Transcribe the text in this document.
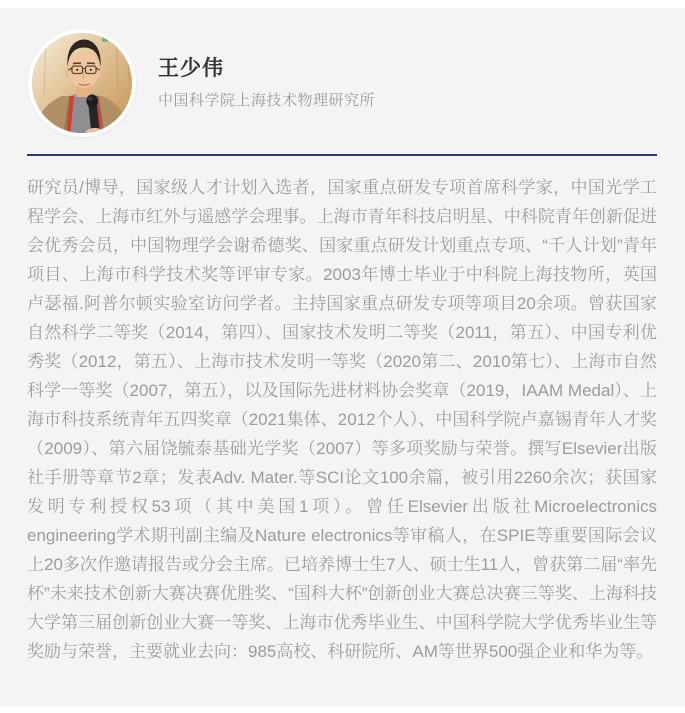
王少伟

中国科学院上海技术物理研究所

研究员/博导，国家级人才计划入选者，国家重点研发专项首席科学家，中国光学工程学会、上海市红外与遥感学会理事。上海市青年科技启明星、中科院青年创新促进会优秀会员，中国物理学会谢希德奖、国家重点研发计划重点专项、“千人计划”青年项目、上海市科学技术奖等评审专家。2003年博士毕业于中科院上海技物所，英国卢瑟福.阿普尔顿实验室访问学者。主持国家重点研发专项等项目20余项。曾获国家自然科学二等奖（2014，第四）、国家技术发明二等奖（2011，第五）、中国专利优秀奖（2012，第五）、上海市技术发明一等奖（2020第二、2010第七）、上海市自然科学一等奖（2007，第五），以及国际先进材料协会奖章（2019，IAAM Medal）、上海市科技系统青年五四奖章（2021集体、2012个人）、中国科学院卢嘉锡青年人才奖（2009）、第六届饶毓泰基础光学奖（2007）等多项奖励与荣誉。撰写Elsevier出版社手册等章节2章；发表Adv. Mater.等SCI论文100余篇，被引用2260余次；获国家发明专利授权53项（其中美国1项）。曾任Elsevier出版社Microelectronics engineering学术期刊副主编及Nature electronics等审稿人，在SPIE等重要国际会议上20多次作邀请报告或分会主席。已培养博士生7人、硕士生11人，曾获第二届“率先杯”未来技术创新大赛决赛优胜奖、“国科大杯”创新创业大赛总决赛三等奖、上海科技大学第三届创新创业大赛一等奖、上海市优秀毕业生、中国科学院大学优秀毕业生等奖励与荣誉，主要就业去向：985高校、科研院所、AM等世界500强企业和华为等。
